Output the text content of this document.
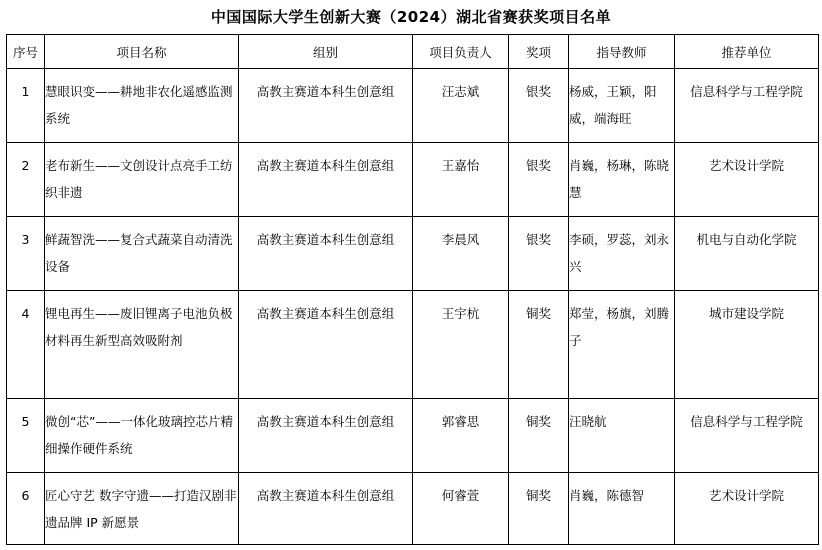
中国国际大学生创新大赛（2024）湖北省赛获奖项目名单
序号	项目名称	组别	项目负责人	奖项	指导教师	推荐单位
1	慧眼识变——耕地非农化遥感监测系统	高教主赛道本科生创意组	汪志斌	银奖	杨威，王颖，阳威，端海旺	信息科学与工程学院
2	老布新生——文创设计点亮手工纺织非遗	高教主赛道本科生创意组	王嘉怡	银奖	肖巍，杨琳，陈晓慧	艺术设计学院
3	鲜蔬智洗——复合式蔬菜自动清洗设备	高教主赛道本科生创意组	李晨风	银奖	李硕，罗蕊，刘永兴	机电与自动化学院
4	锂电再生——废旧锂离子电池负极材料再生新型高效吸附剂	高教主赛道本科生创意组	王宇杭	铜奖	郑莹，杨旗，刘腾子	城市建设学院
5	微创“芯”——一体化玻璃控芯片精细操作硬件系统	高教主赛道本科生创意组	郭睿思	铜奖	汪晓航	信息科学与工程学院
6	匠心守艺 数字守遗——打造汉剧非遗品牌 IP 新愿景	高教主赛道本科生创意组	何睿萱	铜奖	肖巍，陈德智	艺术设计学院
